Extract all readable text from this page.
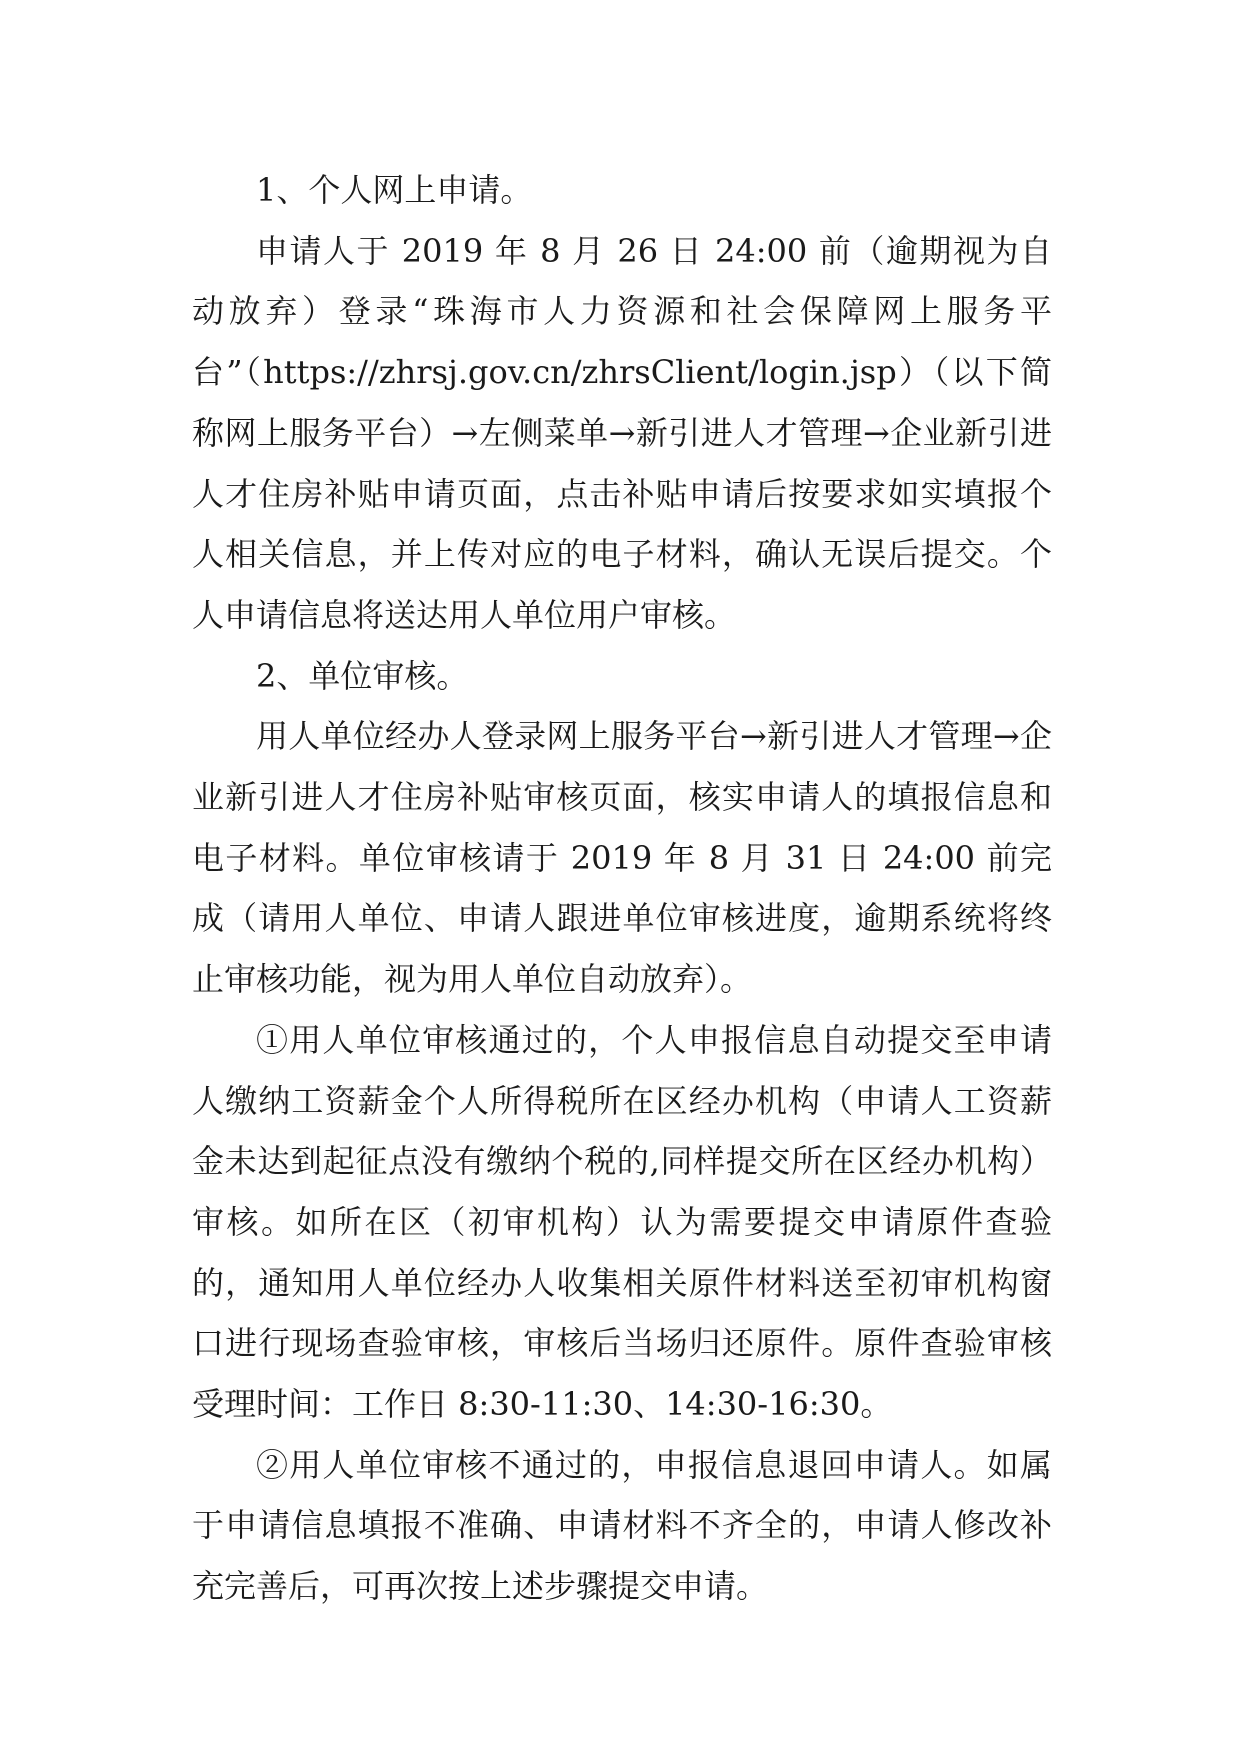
1、个人网上申请。

申请人于 2019 年 8 月 26 日 24:00 前（逾期视为自动放弃）登录“珠海市人力资源和社会保障网上服务平台”（https://zhrsj.gov.cn/zhrsClient/login.jsp）（以下简称网上服务平台）→左侧菜单→新引进人才管理→企业新引进人才住房补贴申请页面，点击补贴申请后按要求如实填报个人相关信息，并上传对应的电子材料，确认无误后提交。个人申请信息将送达用人单位用户审核。

2、单位审核。

用人单位经办人登录网上服务平台→新引进人才管理→企业新引进人才住房补贴审核页面，核实申请人的填报信息和电子材料。单位审核请于 2019 年 8 月 31 日 24:00 前完成（请用人单位、申请人跟进单位审核进度，逾期系统将终止审核功能，视为用人单位自动放弃）。

①用人单位审核通过的，个人申报信息自动提交至申请人缴纳工资薪金个人所得税所在区经办机构（申请人工资薪金未达到起征点没有缴纳个税的,同样提交所在区经办机构）审核。如所在区（初审机构）认为需要提交申请原件查验的，通知用人单位经办人收集相关原件材料送至初审机构窗口进行现场查验审核，审核后当场归还原件。原件查验审核受理时间：工作日 8:30-11:30、14:30-16:30。

②用人单位审核不通过的，申报信息退回申请人。如属于申请信息填报不准确、申请材料不齐全的，申请人修改补充完善后，可再次按上述步骤提交申请。
